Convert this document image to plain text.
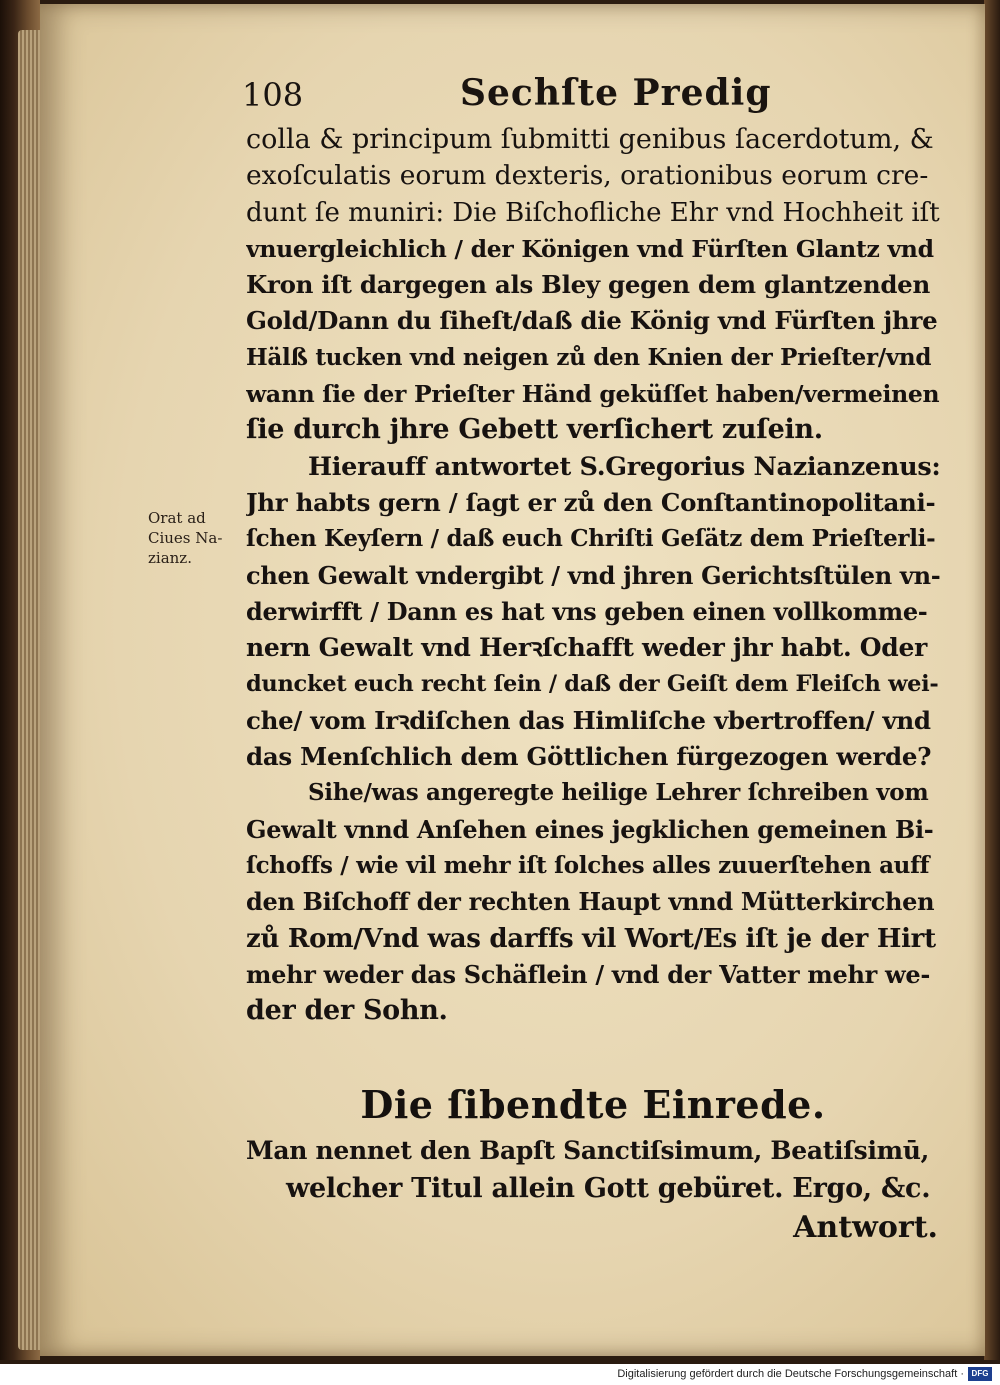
108	Sechſte Predig
Orat ad
Ciues Na-
zianz.
colla & principum ſubmitti genibus ſacerdotum, &
exoſculatis eorum dexteris, orationibus eorum cre-
dunt ſe muniri: Die Biſchofliche Ehr vnd Hochheit iſt
vnuergleichlich / der Königen vnd Fürſten Glantz vnd
Kron iſt dargegen als Bley gegen dem glantzenden
Gold/Dann du ſiheſt/daß die König vnd Fürſten jhre
Hälß tucken vnd neigen zů den Knien der Prieſter/vnd
wann ſie der Prieſter Händ geküſſet haben/vermeinen
ſie durch jhre Gebett verſichert zuſein.
Hierauff antwortet S.Gregorius Nazianzenus:
Jhr habts gern / ſagt er zů den Conſtantinopolitani-
ſchen Keyſern / daß euch Chriſti Geſätz dem Prieſterli-
chen Gewalt vndergibt / vnd jhren Gerichtsſtülen vn-
derwirfft / Dann es hat vns geben einen vollkomme-
nern Gewalt vnd Herꝛſchafft weder jhr habt. Oder
duncket euch recht ſein / daß der Geiſt dem Fleiſch wei-
che/ vom Irꝛdiſchen das Himliſche vbertroffen/ vnd
das Menſchlich dem Göttlichen fürgezogen werde?
Sihe/was angeregte heilige Lehrer ſchreiben vom
Gewalt vnnd Anſehen eines jegklichen gemeinen Bi-
ſchoffs / wie vil mehr iſt ſolches alles zuuerſtehen auff
den Biſchoff der rechten Haupt vnnd Mütterkirchen
zů Rom/Vnd was darffs vil Wort/Es iſt je der Hirt
mehr weder das Schäflein / vnd der Vatter mehr we-
der der Sohn.
Die ſibendte Einrede.
Man nennet den Bapſt Sanctiſsimum, Beatiſsimū,
welcher Titul allein Gott gebüret. Ergo, &c.
Antwort.
Digitalisierung gefördert durch die Deutsche Forschungsgemeinschaft · DFG
